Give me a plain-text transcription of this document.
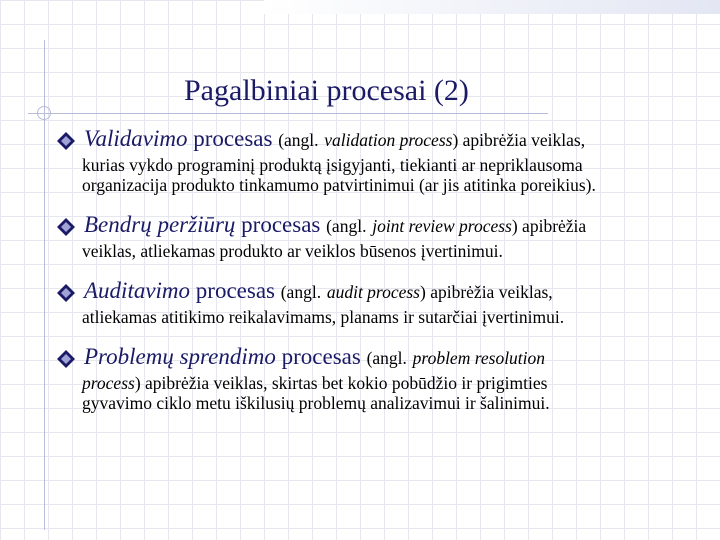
Pagalbiniai procesai (2)
Validavimo procesas (angl. validation process) apibrėžia veiklas,
kurias vykdo programinį produktą įsigyjanti, tiekianti ar nepriklausoma
organizacija produkto tinkamumo patvirtinimui (ar jis atitinka poreikius).
Bendrų peržiūrų procesas (angl. joint review process) apibrėžia
veiklas, atliekamas produkto ar veiklos būsenos įvertinimui.
Auditavimo procesas (angl. audit process) apibrėžia veiklas,
atliekamas atitikimo reikalavimams, planams ir sutarčiai įvertinimui.
Problemų sprendimo procesas (angl. problem resolution
process) apibrėžia veiklas, skirtas bet kokio pobūdžio ir prigimties
gyvavimo ciklo metu iškilusių problemų analizavimui ir šalinimui.
